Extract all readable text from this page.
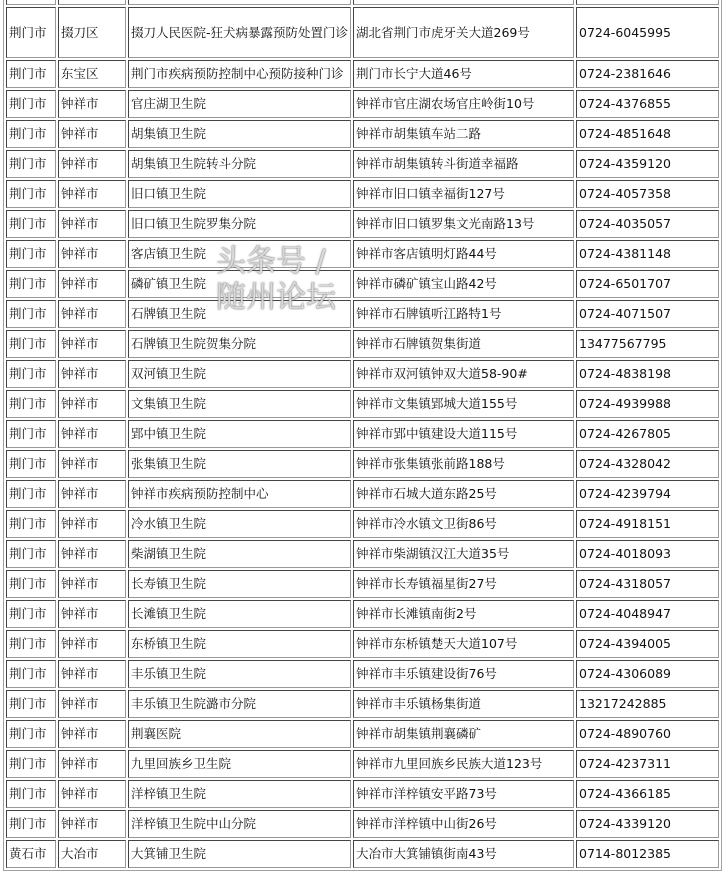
荆门市	掇刀区	掇刀人民医院-狂犬病暴露预防处置门诊	湖北省荆门市虎牙关大道269号	0724-6045995
荆门市	东宝区	荆门市疾病预防控制中心预防接种门诊	荆门市长宁大道46号	0724-2381646
荆门市	钟祥市	官庄湖卫生院	钟祥市官庄湖农场官庄岭街10号	0724-4376855
荆门市	钟祥市	胡集镇卫生院	钟祥市胡集镇车站二路	0724-4851648
荆门市	钟祥市	胡集镇卫生院转斗分院	钟祥市胡集镇转斗街道幸福路	0724-4359120
荆门市	钟祥市	旧口镇卫生院	钟祥市旧口镇幸福街127号	0724-4057358
荆门市	钟祥市	旧口镇卫生院罗集分院	钟祥市旧口镇罗集文光南路13号	0724-4035057
荆门市	钟祥市	客店镇卫生院	钟祥市客店镇明灯路44号	0724-4381148
荆门市	钟祥市	磷矿镇卫生院	钟祥市磷矿镇宝山路42号	0724-6501707
荆门市	钟祥市	石牌镇卫生院	钟祥市石牌镇听江路特1号	0724-4071507
荆门市	钟祥市	石牌镇卫生院贺集分院	钟祥市石牌镇贺集街道	13477567795
荆门市	钟祥市	双河镇卫生院	钟祥市双河镇钟双大道58-90#	0724-4838198
荆门市	钟祥市	文集镇卫生院	钟祥市文集镇郢城大道155号	0724-4939988
荆门市	钟祥市	郢中镇卫生院	钟祥市郢中镇建设大道115号	0724-4267805
荆门市	钟祥市	张集镇卫生院	钟祥市张集镇张前路188号	0724-4328042
荆门市	钟祥市	钟祥市疾病预防控制中心	钟祥市石城大道东路25号	0724-4239794
荆门市	钟祥市	冷水镇卫生院	钟祥市冷水镇文卫街86号	0724-4918151
荆门市	钟祥市	柴湖镇卫生院	钟祥市柴湖镇汉江大道35号	0724-4018093
荆门市	钟祥市	长寿镇卫生院	钟祥市长寿镇福星街27号	0724-4318057
荆门市	钟祥市	长滩镇卫生院	钟祥市长滩镇南街2号	0724-4048947
荆门市	钟祥市	东桥镇卫生院	钟祥市东桥镇楚天大道107号	0724-4394005
荆门市	钟祥市	丰乐镇卫生院	钟祥市丰乐镇建设街76号	0724-4306089
荆门市	钟祥市	丰乐镇卫生院潞市分院	钟祥市丰乐镇杨集街道	13217242885
荆门市	钟祥市	荆襄医院	钟祥市胡集镇荆襄磷矿	0724-4890760
荆门市	钟祥市	九里回族乡卫生院	钟祥市九里回族乡民族大道123号	0724-4237311
荆门市	钟祥市	洋梓镇卫生院	钟祥市洋梓镇安平路73号	0724-4366185
荆门市	钟祥市	洋梓镇卫生院中山分院	钟祥市洋梓镇中山街26号	0724-4339120
黄石市	大冶市	大箕铺卫生院	大冶市大箕铺镇街南43号	0714-8012385
头条号 / 随州论坛
